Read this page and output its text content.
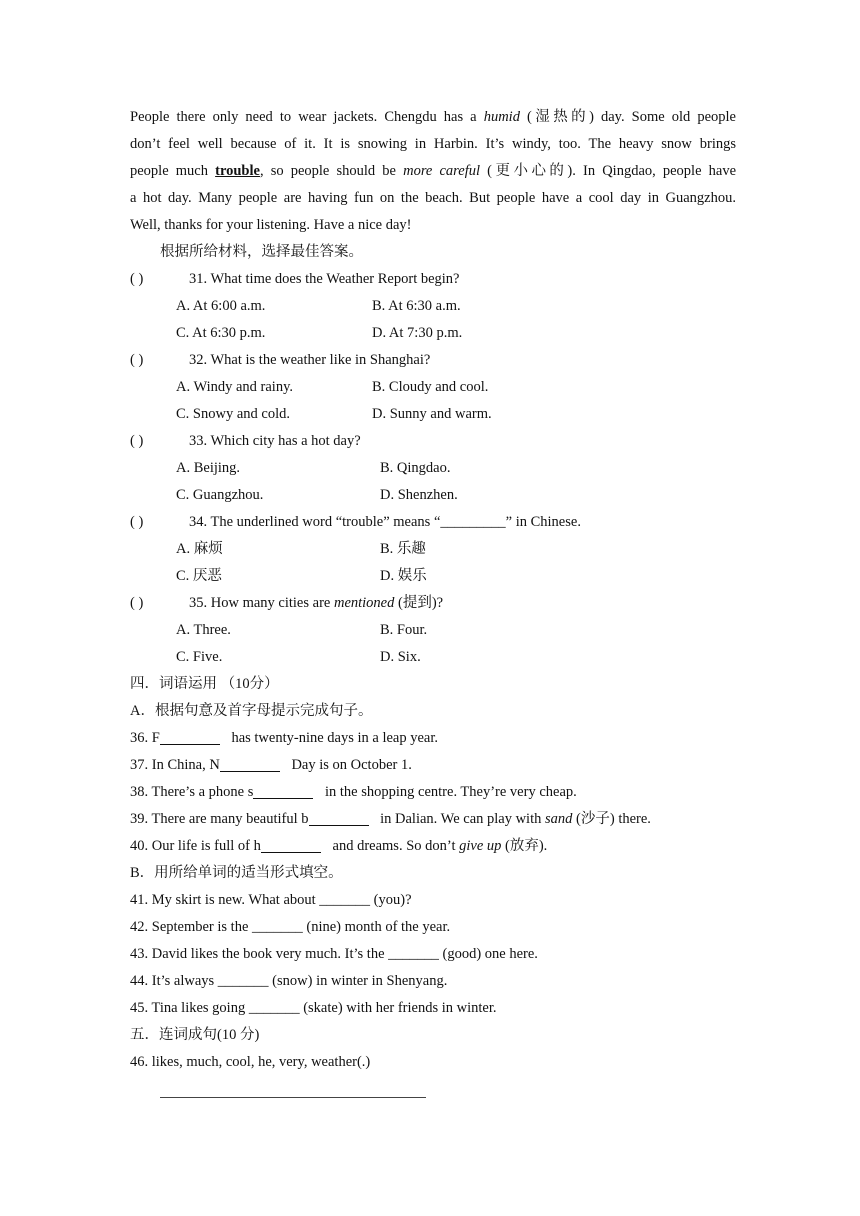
People there only need to wear jackets. Chengdu has a humid (湿热的) day. Some old people
don’t feel well because of it. It is snowing in Harbin. It’s windy, too. The heavy snow brings
people much trouble, so people should be more careful (更小心的). In Qingdao, people have
a hot day. Many people are having fun on the beach. But people have a cool day in Guangzhou.
Well, thanks for your listening. Have a nice day!
根据所给材料，选择最佳答案。
( )	31. What time does the Weather Report begin?
A. At 6:00 a.m.	B. At 6:30 a.m.
C. At 6:30 p.m.	D. At 7:30 p.m.
( )	32. What is the weather like in Shanghai?
A. Windy and rainy.	B. Cloudy and cool.
C. Snowy and cold.	D. Sunny and warm.
( )	33. Which city has a hot day?
A. Beijing.	B. Qingdao.
C. Guangzhou.	D. Shenzhen.
( )	34. The underlined word “trouble” means “_________” in Chinese.
A. 麻烦	B. 乐趣
C. 厌恶	D. 娱乐
( )	35. How many cities are mentioned (提到)?
A. Three.	B. Four.
C. Five.	D. Six.
四．词语运用 （10分）
A．根据句意及首字母提示完成句子。
36. F	has twenty-nine days in a leap year.
37. In China, N	Day is on October 1.
38. There’s a phone s	in the shopping centre. They’re very cheap.
39. There are many beautiful b	in Dalian. We can play with sand (沙子) there.
40. Our life is full of h	and dreams. So don’t give up (放弃).
B．用所给单词的适当形式填空。
41. My skirt is new. What about _______ (you)?
42. September is the _______ (nine) month of the year.
43. David likes the book very much. It’s the _______ (good) one here.
44. It’s always _______ (snow) in winter in Shenyang.
45. Tina likes going _______ (skate) with her friends in winter.
五．连词成句(10 分)
46. likes, much, cool, he, very, weather(.)
